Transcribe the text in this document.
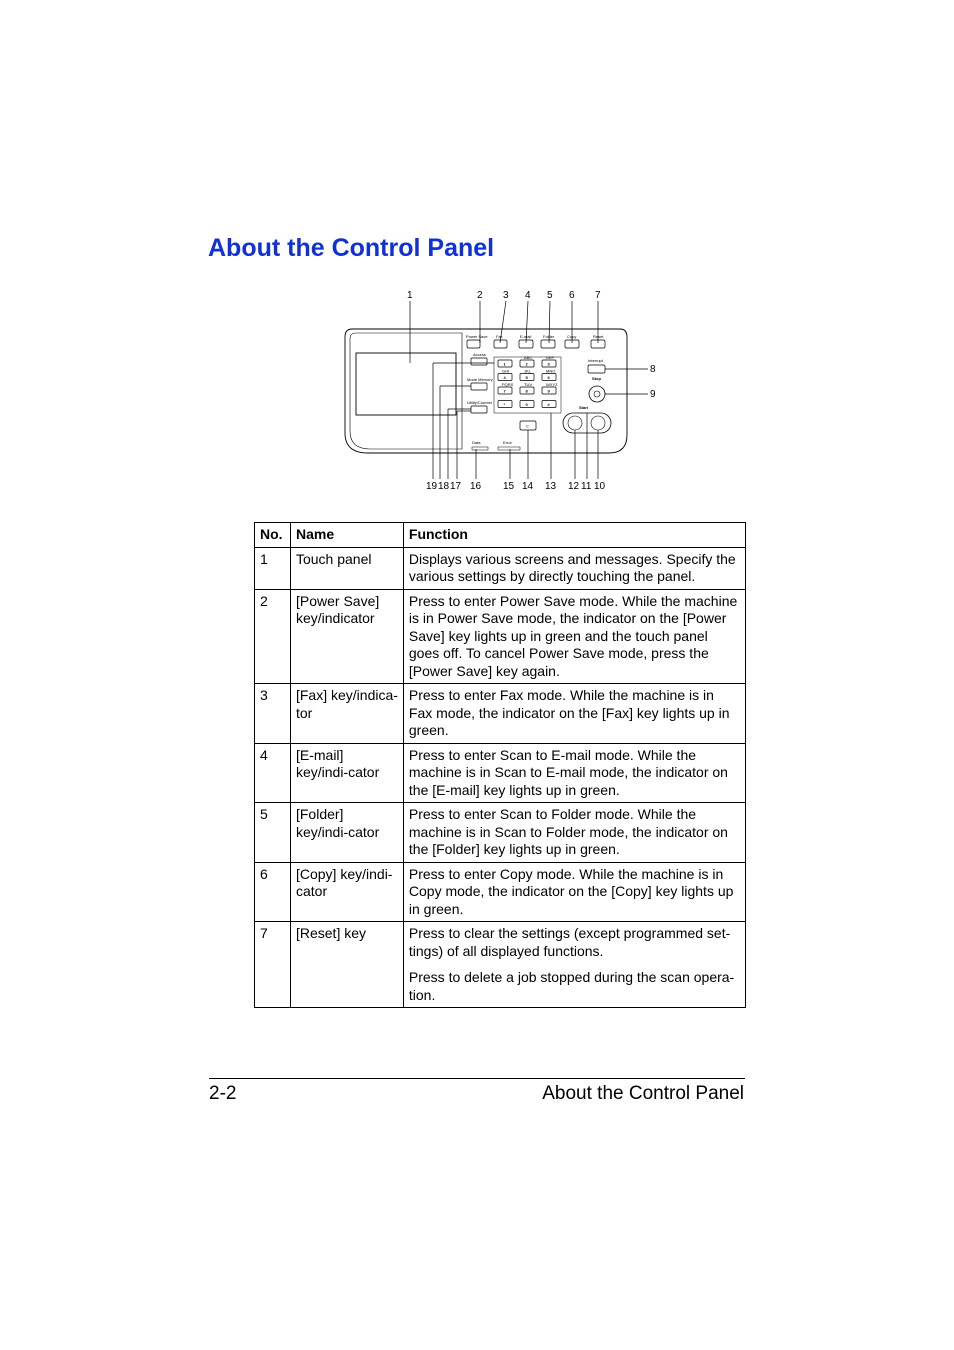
About the Control Panel
Power Save Fax	E-mail	Folder	Copy	Reset
Access
Mode Memory
Utility/Counter
1	2
ABC
3
DEF
4
GHI
5
JKL
6
MNO
7
PQRS
8
TUV
9
WXYZ
*	0	#
C
Interrupt
Stop
Start
Data	Error
1	2 3 4 5 6 7
8
9
19 18 17 16 15 14 13 12 11 10
No.	Name	Function
1	Touch panel	Displays various screens and messages. Specify the various settings by directly touching the panel.

2	[Power Save] key/indicator	Press to enter Power Save mode. While the machine is in Power Save mode, the indicator on the [Power Save] key lights up in green and the touch panel goes off. To cancel Power Save mode, press the [Power Save] key again.

3	[Fax] key/indica-tor	Press to enter Fax mode. While the machine is in Fax mode, the indicator on the [Fax] key lights up in green.

4	[E-mail] key/indi-cator	Press to enter Scan to E-mail mode. While the machine is in Scan to E-mail mode, the indicator on the [E-mail] key lights up in green.

5	[Folder] key/indi-cator	Press to enter Scan to Folder mode. While the machine is in Scan to Folder mode, the indicator on the [Folder] key lights up in green.

6	[Copy] key/indi-cator	Press to enter Copy mode. While the machine is in Copy mode, the indicator on the [Copy] key lights up in green.

7	[Reset] key	Press to clear the settings (except programmed set-tings) of all displayed functions.

Press to delete a job stopped during the scan opera-tion.

2-2	About the Control Panel
